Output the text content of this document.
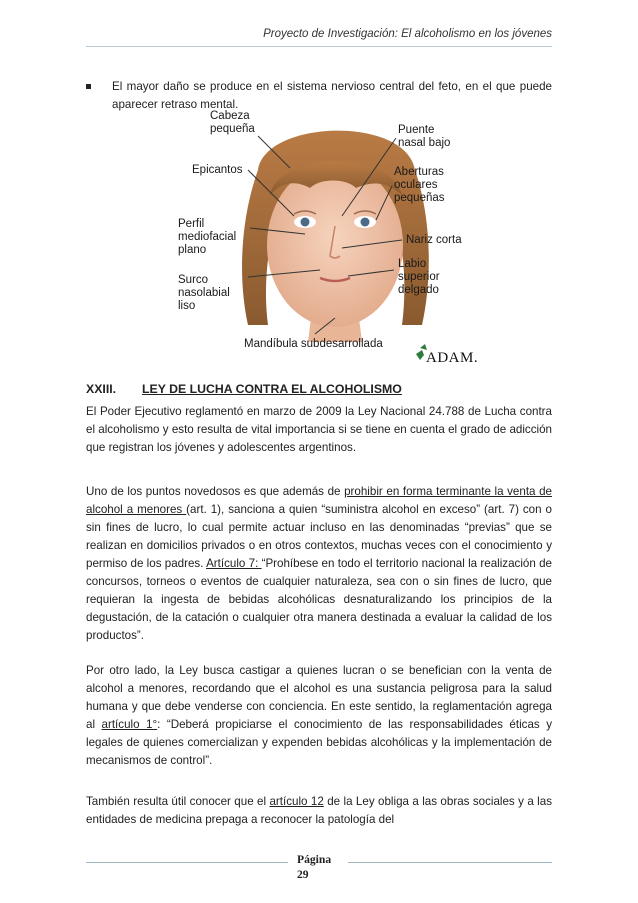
Proyecto de Investigación: El alcoholismo en los jóvenes
El mayor daño se produce en el sistema nervioso central del feto, en el que puede aparecer retraso mental.
Cabeza
pequeña
Epicantos
Perfil
mediofacial
plano
Surco
nasolabial
liso
Puente
nasal bajo
Aberturas
oculares
pequeñas
Nariz corta
Labio
superior
delgado
Mandíbula subdesarrollada
ADAM.
XXIII. LEY DE LUCHA CONTRA EL ALCOHOLISMO

El Poder Ejecutivo reglamentó en marzo de 2009 la Ley Nacional 24.788 de Lucha contra el alcoholismo y esto resulta de vital importancia si se tiene en cuenta el grado de adicción que registran los jóvenes y adolescentes argentinos.

Uno de los puntos novedosos es que además de prohibir en forma terminante la venta de alcohol a menores (art. 1), sanciona a quien “suministra alcohol en exceso” (art. 7) con o sin fines de lucro, lo cual permite actuar incluso en las denominadas “previas” que se realizan en domicilios privados o en otros contextos, muchas veces con el conocimiento y permiso de los padres. Artículo 7: “Prohíbese en todo el territorio nacional la realización de concursos, torneos o eventos de cualquier naturaleza, sea con o sin fines de lucro, que requieran la ingesta de bebidas alcohólicas desnaturalizando los principios de la degustación, de la catación o cualquier otra manera destinada a evaluar la calidad de los productos”.

Por otro lado, la Ley busca castigar a quienes lucran o se benefician con la venta de alcohol a menores, recordando que el alcohol es una sustancia peligrosa para la salud humana y que debe venderse con conciencia. En este sentido, la reglamentación agrega al artículo 1°: “Deberá propiciarse el conocimiento de las responsabilidades éticas y legales de quienes comercializan y expenden bebidas alcohólicas y la implementación de mecanismos de control”.

También resulta útil conocer que el artículo 12 de la Ley obliga a las obras sociales y a las entidades de medicina prepaga a reconocer la patología del

Página
29
